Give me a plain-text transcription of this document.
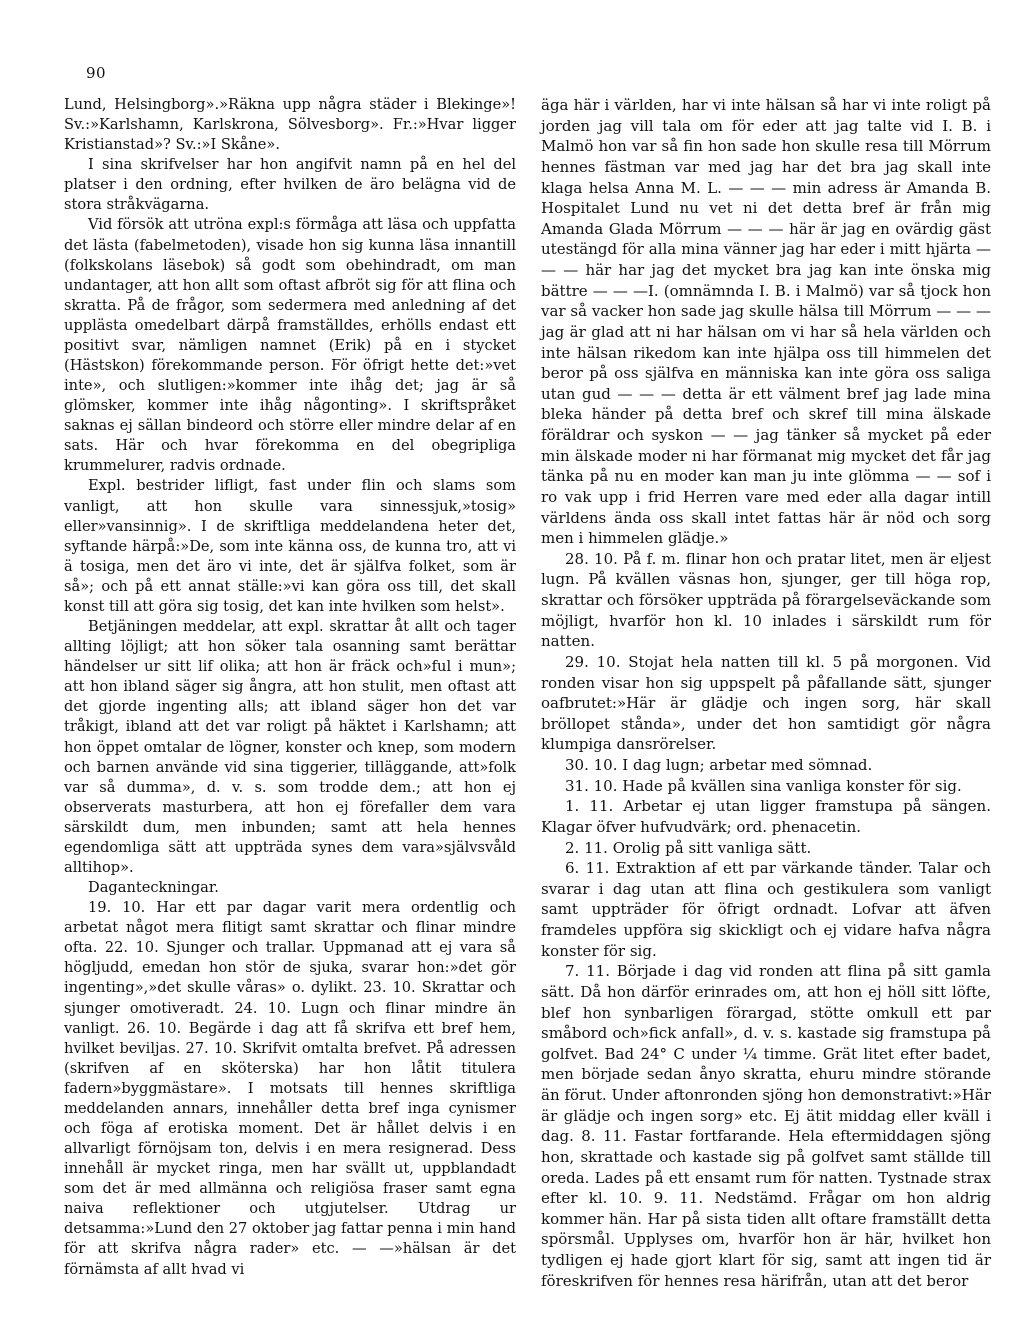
90

Lund, Helsingborg».»Räkna upp några städer i Blekinge»! Sv.:»Karlshamn, Karlskrona, Sölvesborg». Fr.:»Hvar ligger Kristianstad»? Sv.:»I Skåne».

I sina skrifvelser har hon angifvit namn på en hel del platser i den ordning, efter hvilken de äro belägna vid de stora stråkvägarna.

Vid försök att utröna expl:s förmåga att läsa och uppfatta det lästa (fabelmetoden), visade hon sig kunna läsa innantill (folkskolans läsebok) så godt som obehindradt, om man undantager, att hon allt som oftast afbröt sig för att flina och skratta. På de frågor, som sedermera med anledning af det upplästa omedelbart därpå framställdes, erhölls endast ett positivt svar, nämligen namnet (Erik) på en i stycket (Hästskon) förekommande person. För öfrigt hette det:»vet inte», och slutligen:»kommer inte ihåg det; jag är så glömsker, kommer inte ihåg någonting». I skriftspråket saknas ej sällan bindeord och större eller mindre delar af en sats. Här och hvar förekomma en del obegripliga krummelurer, radvis ordnade.

Expl. bestrider lifligt, fast under flin och slams som vanligt, att hon skulle vara sinnessjuk,»tosig» eller»vansinnig». I de skriftliga meddelandena heter det, syftande härpå:»De, som inte känna oss, de kunna tro, att vi ä tosiga, men det äro vi inte, det är själfva folket, som är så»; och på ett annat ställe:»vi kan göra oss till, det skall konst till att göra sig tosig, det kan inte hvilken som helst».

Betjäningen meddelar, att expl. skrattar åt allt och tager allting löjligt; att hon söker tala osanning samt berättar händelser ur sitt lif olika; att hon är fräck och»ful i mun»; att hon ibland säger sig ångra, att hon stulit, men oftast att det gjorde ingenting alls; att ibland säger hon det var tråkigt, ibland att det var roligt på häktet i Karlshamn; att hon öppet omtalar de lögner, konster och knep, som modern och barnen använde vid sina tiggerier, tilläggande, att»folk var så dumma», d. v. s. som trodde dem.; att hon ej observerats masturbera, att hon ej förefaller dem vara särskildt dum, men inbunden; samt att hela hennes egendomliga sätt att uppträda synes dem vara»självsvåld alltihop».

Daganteckningar.

19. 10. Har ett par dagar varit mera ordentlig och arbetat något mera flitigt samt skrattar och flinar mindre ofta. 22. 10. Sjunger och trallar. Uppmanad att ej vara så högljudd, emedan hon stör de sjuka, svarar hon:»det gör ingenting»,»det skulle våras» o. dylikt. 23. 10. Skrattar och sjunger omotiveradt. 24. 10. Lugn och flinar mindre än vanligt. 26. 10. Begärde i dag att få skrifva ett bref hem, hvilket beviljas. 27. 10. Skrifvit omtalta brefvet. På adressen (skrifven af en sköterska) har hon låtit titulera fadern»byggmästare». I motsats till hennes skriftliga meddelanden annars, innehåller detta bref inga cynismer och föga af erotiska moment. Det är hållet delvis i en allvarligt förnöjsam ton, delvis i en mera resignerad. Dess innehåll är mycket ringa, men har svällt ut, uppblandadt som det är med allmänna och religiösa fraser samt egna naiva reflektioner och utgjutelser. Utdrag ur detsamma:»Lund den 27 oktober jag fattar penna i min hand för att skrifva några rader» etc. — —»hälsan är det förnämsta af allt hvad vi

äga här i världen, har vi inte hälsan så har vi inte roligt på jorden jag vill tala om för eder att jag talte vid I. B. i Malmö hon var så fin hon sade hon skulle resa till Mörrum hennes fästman var med jag har det bra jag skall inte klaga helsa Anna M. L. — — — min adress är Amanda B. Hospitalet Lund nu vet ni det detta bref är från mig Amanda Glada Mörrum — — — här är jag en ovärdig gäst utestängd för alla mina vänner jag har eder i mitt hjärta — — — här har jag det mycket bra jag kan inte önska mig bättre — — —I. (omnämnda I. B. i Malmö) var så tjock hon var så vacker hon sade jag skulle hälsa till Mörrum — — — jag är glad att ni har hälsan om vi har så hela världen och inte hälsan rikedom kan inte hjälpa oss till himmelen det beror på oss själfva en människa kan inte göra oss saliga utan gud — — — detta är ett välment bref jag lade mina bleka händer på detta bref och skref till mina älskade föräldrar och syskon — — jag tänker så mycket på eder min älskade moder ni har förmanat mig mycket det får jag tänka på nu en moder kan man ju inte glömma — — sof i ro vak upp i frid Herren vare med eder alla dagar intill världens ända oss skall intet fattas här är nöd och sorg men i himmelen glädje.»

28. 10. På f. m. flinar hon och pratar litet, men är eljest lugn. På kvällen väsnas hon, sjunger, ger till höga rop, skrattar och försöker uppträda på förargelseväckande som möjligt, hvarför hon kl. 10 inlades i särskildt rum för natten.

29. 10. Stojat hela natten till kl. 5 på morgonen. Vid ronden visar hon sig uppspelt på påfallande sätt, sjunger oafbrutet:»Här är glädje och ingen sorg, här skall bröllopet stånda», under det hon samtidigt gör några klumpiga dansrörelser.

30. 10. I dag lugn; arbetar med sömnad.

31. 10. Hade på kvällen sina vanliga konster för sig.

1. 11. Arbetar ej utan ligger framstupa på sängen. Klagar öfver hufvudvärk; ord. phenacetin.

2. 11. Orolig på sitt vanliga sätt.

6. 11. Extraktion af ett par värkande tänder. Talar och svarar i dag utan att flina och gestikulera som vanligt samt uppträder för öfrigt ordnadt. Lofvar att äfven framdeles uppföra sig skickligt och ej vidare hafva några konster för sig.

7. 11. Började i dag vid ronden att flina på sitt gamla sätt. Då hon därför erinrades om, att hon ej höll sitt löfte, blef hon synbarligen förargad, stötte omkull ett par småbord och»fick anfall», d. v. s. kastade sig framstupa på golfvet. Bad 24° C under ¼ timme. Grät litet efter badet, men började sedan ånyo skratta, ehuru mindre störande än förut. Under aftonronden sjöng hon demonstrativt:»Här är glädje och ingen sorg» etc. Ej ätit middag eller kväll i dag. 8. 11. Fastar fortfarande. Hela eftermiddagen sjöng hon, skrattade och kastade sig på golfvet samt ställde till oreda. Lades på ett ensamt rum för natten. Tystnade strax efter kl. 10. 9. 11. Nedstämd. Frågar om hon aldrig kommer hän. Har på sista tiden allt oftare framställt detta spörsmål. Upplyses om, hvarför hon är här, hvilket hon tydligen ej hade gjort klart för sig, samt att ingen tid är föreskrifven för hennes resa härifrån, utan att det beror
